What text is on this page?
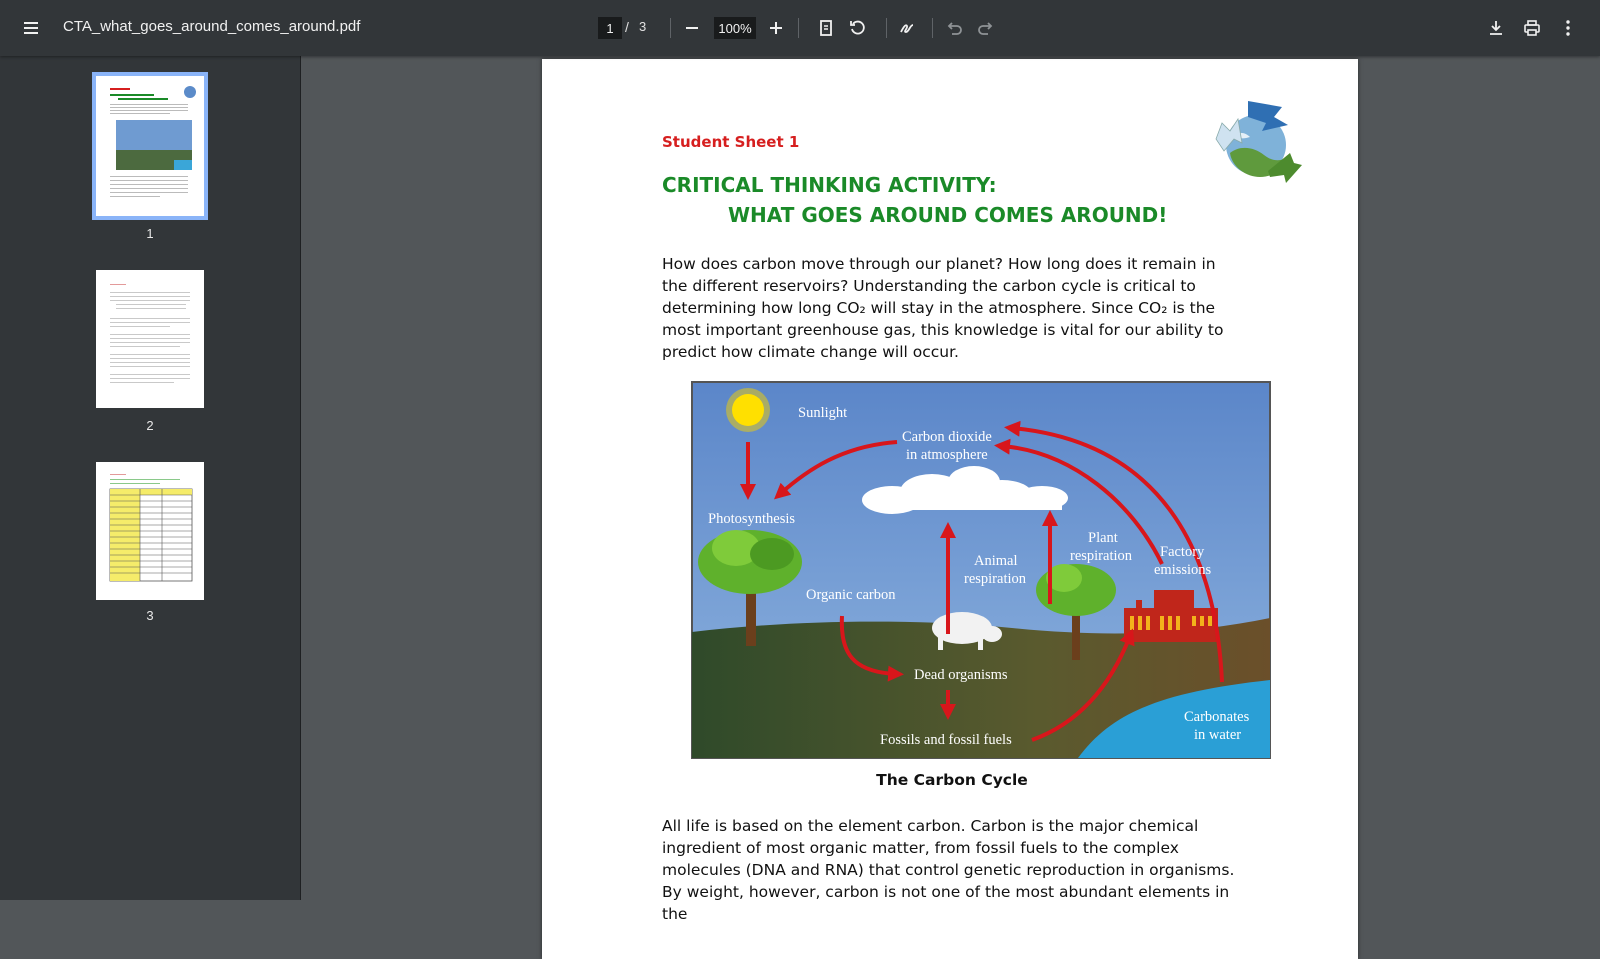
CTA_what_goes_around_comes_around.pdf	1 / 3	100%
1
2
3
Student Sheet 1
CRITICAL THINKING ACTIVITY:
WHAT GOES AROUND COMES AROUND!
How does carbon move through our planet? How long does it remain in the different reservoirs? Understanding the carbon cycle is critical to determining how long CO₂ will stay in the atmosphere. Since CO₂ is the most important greenhouse gas, this knowledge is vital for our ability to predict how climate change will occur.
Sunlight
Carbon dioxide
in atmosphere
Photosynthesis
Animal
respiration
Plant
respiration Factory
emissions
Organic carbon
Dead organisms
Fossils and fossil fuels
Carbonates
in water
The Carbon Cycle
All life is based on the element carbon. Carbon is the major chemical ingredient of most organic matter, from fossil fuels to the complex molecules (DNA and RNA) that control genetic reproduction in organisms. By weight, however, carbon is not one of the most abundant elements in the
